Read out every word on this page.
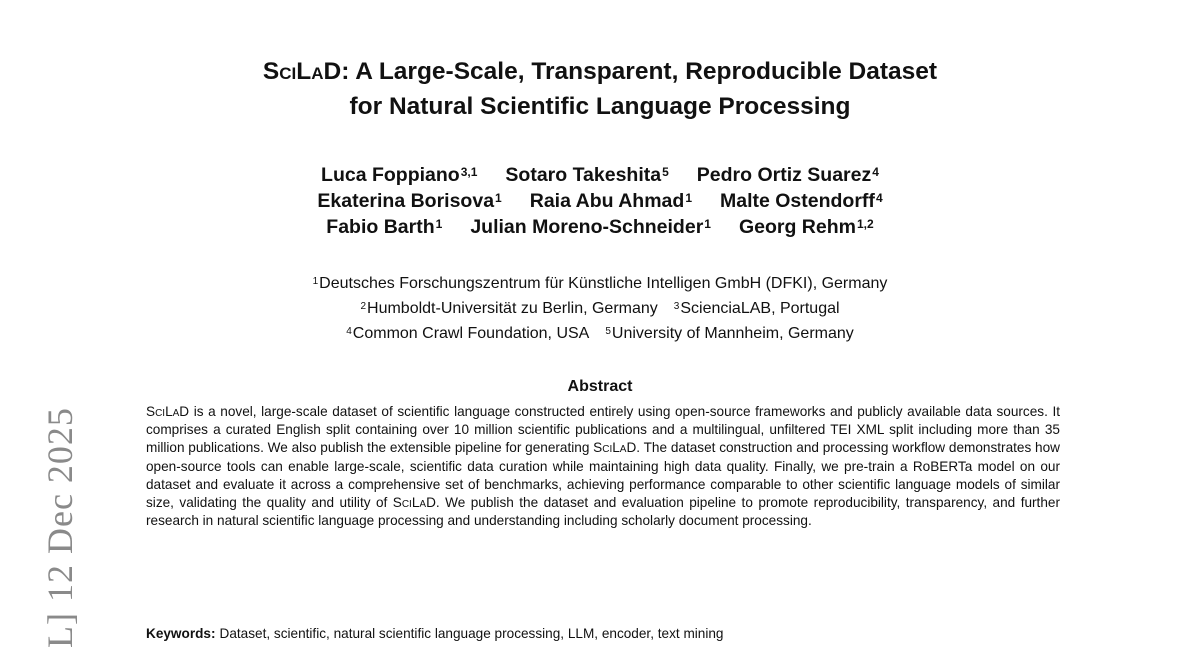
L] 12 Dec 2025
SciLaD: A Large-Scale, Transparent, Reproducible Dataset
for Natural Scientific Language Processing
Luca Foppiano$^{3,1}$ Sotaro Takeshita$^5$ Pedro Ortiz Suarez$^4$
Ekaterina Borisova$^1$ Raia Abu Ahmad$^1$ Malte Ostendorff$^4$
Fabio Barth$^1$ Julian Moreno-Schneider$^1$ Georg Rehm$^{1,2}$
$^1$Deutsches Forschungszentrum für Künstliche Intelligen GmbH (DFKI), Germany
$^2$Humboldt-Universität zu Berlin, Germany $^3$ScienciaLAB, Portugal
$^4$Common Crawl Foundation, USA $^5$University of Mannheim, Germany
Abstract

SciLaD is a novel, large-scale dataset of scientific language constructed entirely using open-source frameworks and publicly available data sources. It comprises a curated English split containing over 10 million scientific publications and a multilingual, unfiltered TEI XML split including more than 35 million publications. We also publish the extensible pipeline for generating SciLaD. The dataset construction and processing workflow demonstrates how open-source tools can enable large-scale, scientific data curation while maintaining high data quality. Finally, we pre-train a RoBERTa model on our dataset and evaluate it across a comprehensive set of benchmarks, achieving performance comparable to other scientific language models of similar size, validating the quality and utility of SciLaD. We publish the dataset and evaluation pipeline to promote reproducibility, transparency, and further research in natural scientific language processing and understanding including scholarly document processing.

Keywords: Dataset, scientific, natural scientific language processing, LLM, encoder, text mining
